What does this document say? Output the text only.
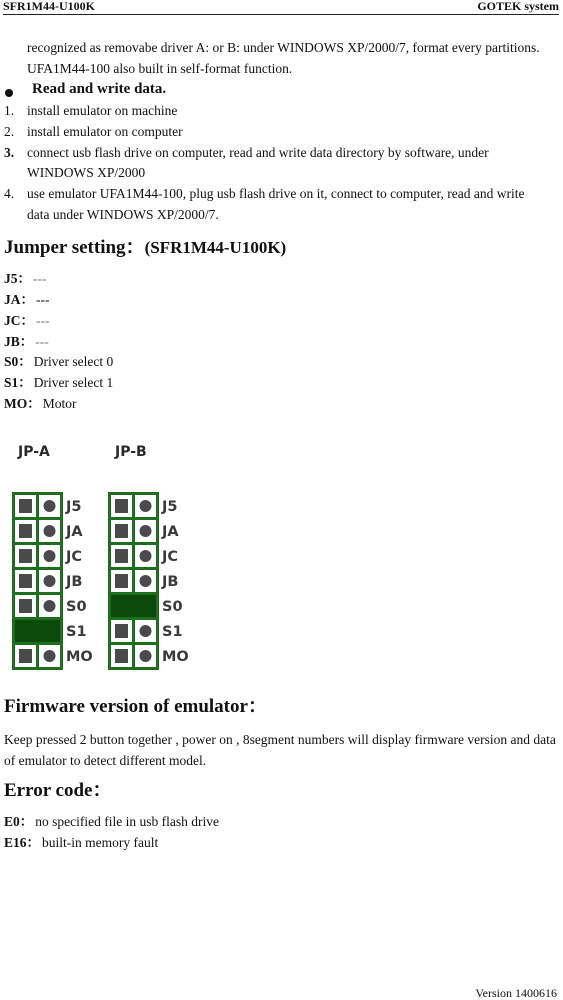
SFR1M44-U100K	GOTEK system
recognized as removabe driver A: or B: under WINDOWS XP/2000/7, format every partitions.
UFA1M44-100 also built in self-format function.
Read and write data.
1. install emulator on machine
2. install emulator on computer
3. connect usb flash drive on computer, read and write data directory by software, under
WINDOWS XP/2000
4. use emulator UFA1M44-100, plug usb flash drive on it, connect to computer, read and write
data under WINDOWS XP/2000/7.
Jumper setting：(SFR1M44-U100K)
J5： ---
JA： ---
JC： ---
JB： ---
S0： Driver select 0
S1： Driver select 1
MO： Motor
JP-A	JP-B
J5	J5
JA	JA
JC	JC
JB	JB
S0	S0
S1	S1
MO	MO
Firmware version of emulator：
Keep pressed 2 button together , power on , 8segment numbers will display firmware version and data of emulator to detect different model.
Error code：
E0： no specified file in usb flash drive
E16： built-in memory fault
Version 1400616
